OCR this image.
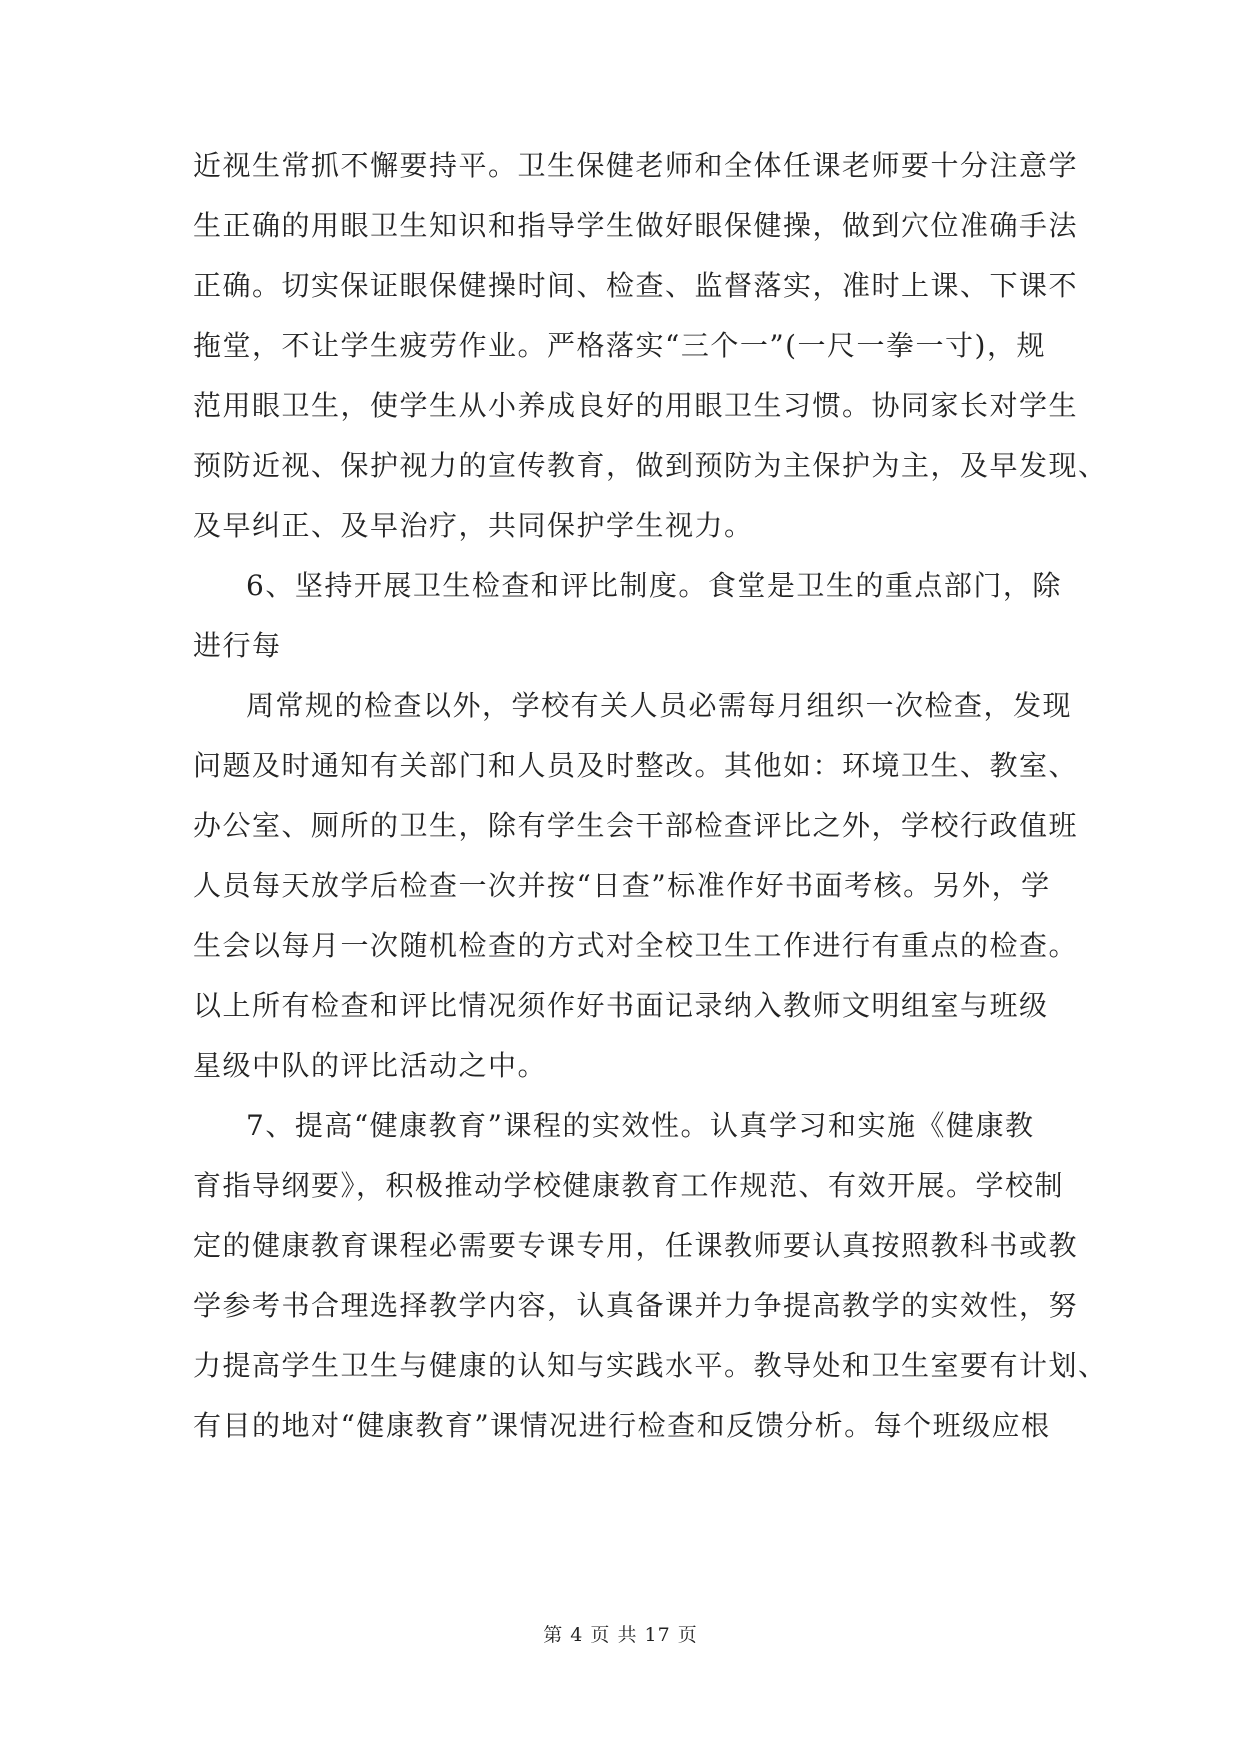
近视生常抓不懈要持平。卫生保健老师和全体任课老师要十分注意学
生正确的用眼卫生知识和指导学生做好眼保健操，做到穴位准确手法
正确。切实保证眼保健操时间、检查、监督落实，准时上课、下课不
拖堂，不让学生疲劳作业。严格落实“三个一”(一尺一拳一寸)，规
范用眼卫生，使学生从小养成良好的用眼卫生习惯。协同家长对学生
预防近视、保护视力的宣传教育，做到预防为主保护为主，及早发现、
及早纠正、及早治疗，共同保护学生视力。
6、坚持开展卫生检查和评比制度。食堂是卫生的重点部门，除
进行每
周常规的检查以外，学校有关人员必需每月组织一次检查，发现
问题及时通知有关部门和人员及时整改。其他如：环境卫生、教室、
办公室、厕所的卫生，除有学生会干部检查评比之外，学校行政值班
人员每天放学后检查一次并按“日查”标准作好书面考核。另外，学
生会以每月一次随机检查的方式对全校卫生工作进行有重点的检查。
以上所有检查和评比情况须作好书面记录纳入教师文明组室与班级
星级中队的评比活动之中。
7、提高“健康教育”课程的实效性。认真学习和实施《健康教
育指导纲要》，积极推动学校健康教育工作规范、有效开展。学校制
定的健康教育课程必需要专课专用，任课教师要认真按照教科书或教
学参考书合理选择教学内容，认真备课并力争提高教学的实效性，努
力提高学生卫生与健康的认知与实践水平。教导处和卫生室要有计划、
有目的地对“健康教育”课情况进行检查和反馈分析。每个班级应根
第 4 页 共 17 页
